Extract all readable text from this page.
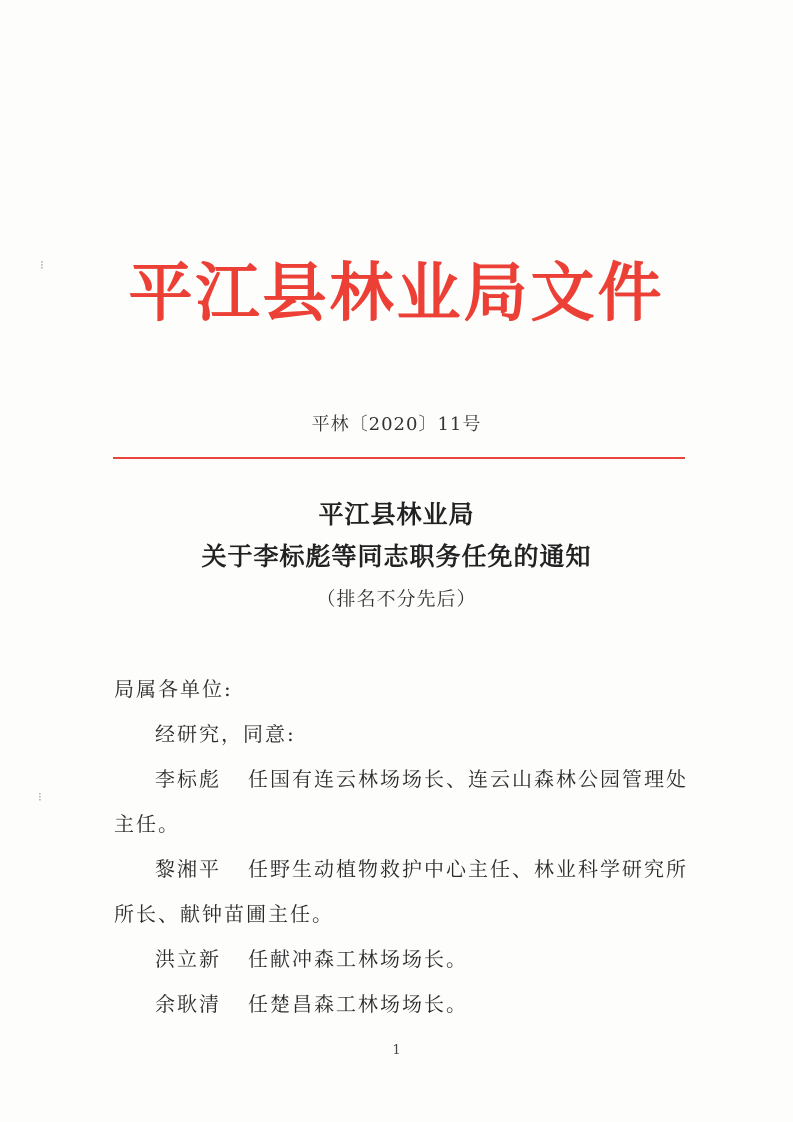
⁝
⁝
平江县林业局文件
平林〔2020〕11号
平江县林业局
关于李标彪等同志职务任免的通知
（排名不分先后）
局属各单位:
经研究，同意:
李标彪 任国有连云林场场长、连云山森林公园管理处
主任。
黎湘平 任野生动植物救护中心主任、林业科学研究所
所长、献钟苗圃主任。
洪立新 任献冲森工林场场长。
余耿清 任楚昌森工林场场长。
1
